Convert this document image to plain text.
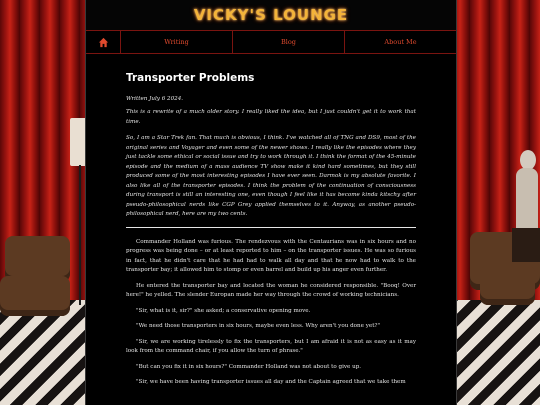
VICKY'S LOUNGE
Writing	Blog	About Me
Transporter Problems

Written July 6 2024.

This is a rewrite of a much older story. I really liked the idea, but I just couldn't get it to work that time.

So, I am a Star Trek fan. That much is obvious, I think. I've watched all of TNG and DS9, most of the original series and Voyager and even some of the newer shows. I really like the episodes where they just tackle some ethical or social issue and try to work through it. I think the format of the 45-minute episode and the medium of a mass audience TV show make it kind hard sometimes, but they still produced some of the most interesting episodes I have ever seen. Darmok is my absolute favorite. I also like all of the transporter episodes. I think the problem of the continuation of consciousness during transport is still an interesting one, even though I feel like it has become kinda kitschy after pseudo-philosophical nerds like CGP Grey applied themselves to it. Anyway, as another pseudo-philosophical nerd, here are my two cents.

Commander Holland was furious. The rendezvous with the Centaurians was in six hours and no progress was being done – or at least reported to him – on the transporter issues. He was so furious in fact, that he didn't care that he had had to walk all day and that he now had to walk to the transporter bay; it allowed him to stomp or even barrel and build up his anger even further.

He entered the transporter bay and located the woman he considered responsible. "Booq! Over here!" he yelled. The slender Europan made her way through the crowd of working technicians.

"Sir, what is it, sir?" she asked; a conservative opening move.

"We need those transporters in six hours, maybe even less. Why aren't you done yet?"

"Sir, we are working tirelessly to fix the transporters, but I am afraid it is not as easy as it may look from the command chair, if you allow the turn of phrase."

"But can you fix it in six hours?" Commander Holland was not about to give up.

"Sir, we have been having transporter issues all day and the Captain agreed that we take them
